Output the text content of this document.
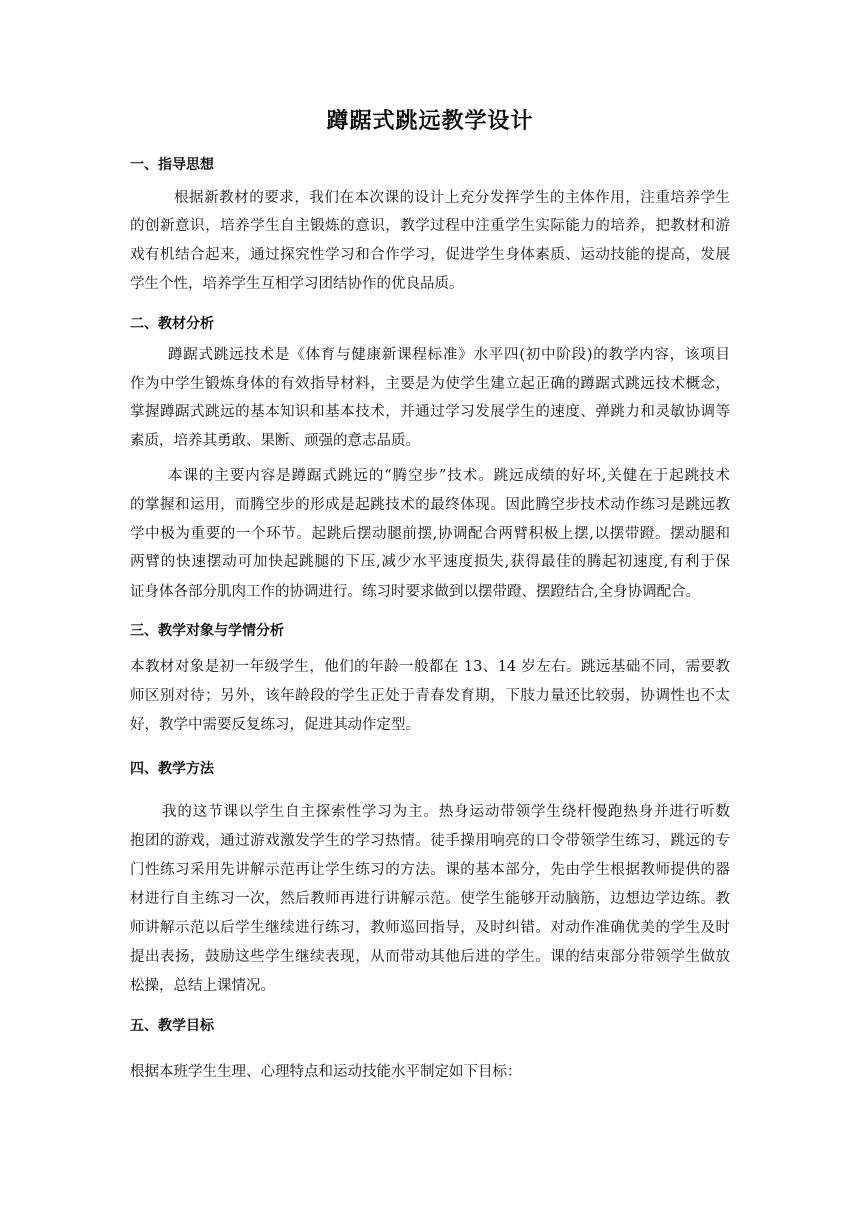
蹲踞式跳远教学设计
一、指导思想
根据新教材的要求，我们在本次课的设计上充分发挥学生的主体作用，注重培养学生
的创新意识，培养学生自主锻炼的意识，教学过程中注重学生实际能力的培养，把教材和游
戏有机结合起来，通过探究性学习和合作学习，促进学生身体素质、运动技能的提高，发展
学生个性，培养学生互相学习团结协作的优良品质。
二、教材分析
蹲踞式跳远技术是《体育与健康新课程标准》水平四(初中阶段)的教学内容，该项目
作为中学生锻炼身体的有效指导材料，主要是为使学生建立起正确的蹲踞式跳远技术概念，
掌握蹲踞式跳远的基本知识和基本技术，并通过学习发展学生的速度、弹跳力和灵敏协调等
素质，培养其勇敢、果断、顽强的意志品质。
本课的主要内容是蹲踞式跳远的“腾空步”技术。跳远成绩的好坏,关健在于起跳技术
的掌握和运用，而腾空步的形成是起跳技术的最终体现。因此腾空步技术动作练习是跳远教
学中极为重要的一个环节。起跳后摆动腿前摆,协调配合两臂积极上摆,以摆带蹬。摆动腿和
两臂的快速摆动可加快起跳腿的下压,减少水平速度损失,获得最佳的腾起初速度,有利于保
证身体各部分肌肉工作的协调进行。练习时要求做到以摆带蹬、摆蹬结合,全身协调配合。
三、教学对象与学情分析
本教材对象是初一年级学生，他们的年龄一般都在 13、14 岁左右。跳远基础不同，需要教
师区别对待；另外，该年龄段的学生正处于青春发育期，下肢力量还比较弱，协调性也不太
好，教学中需要反复练习，促进其动作定型。
四、教学方法
我的这节课以学生自主探索性学习为主。热身运动带领学生绕杆慢跑热身并进行听数
抱团的游戏，通过游戏激发学生的学习热情。徒手操用响亮的口令带领学生练习，跳远的专
门性练习采用先讲解示范再让学生练习的方法。课的基本部分，先由学生根据教师提供的器
材进行自主练习一次，然后教师再进行讲解示范。使学生能够开动脑筋，边想边学边练。教
师讲解示范以后学生继续进行练习，教师巡回指导，及时纠错。对动作准确优美的学生及时
提出表扬，鼓励这些学生继续表现，从而带动其他后进的学生。课的结束部分带领学生做放
松操，总结上课情况。
五、教学目标
根据本班学生生理、心理特点和运动技能水平制定如下目标：
